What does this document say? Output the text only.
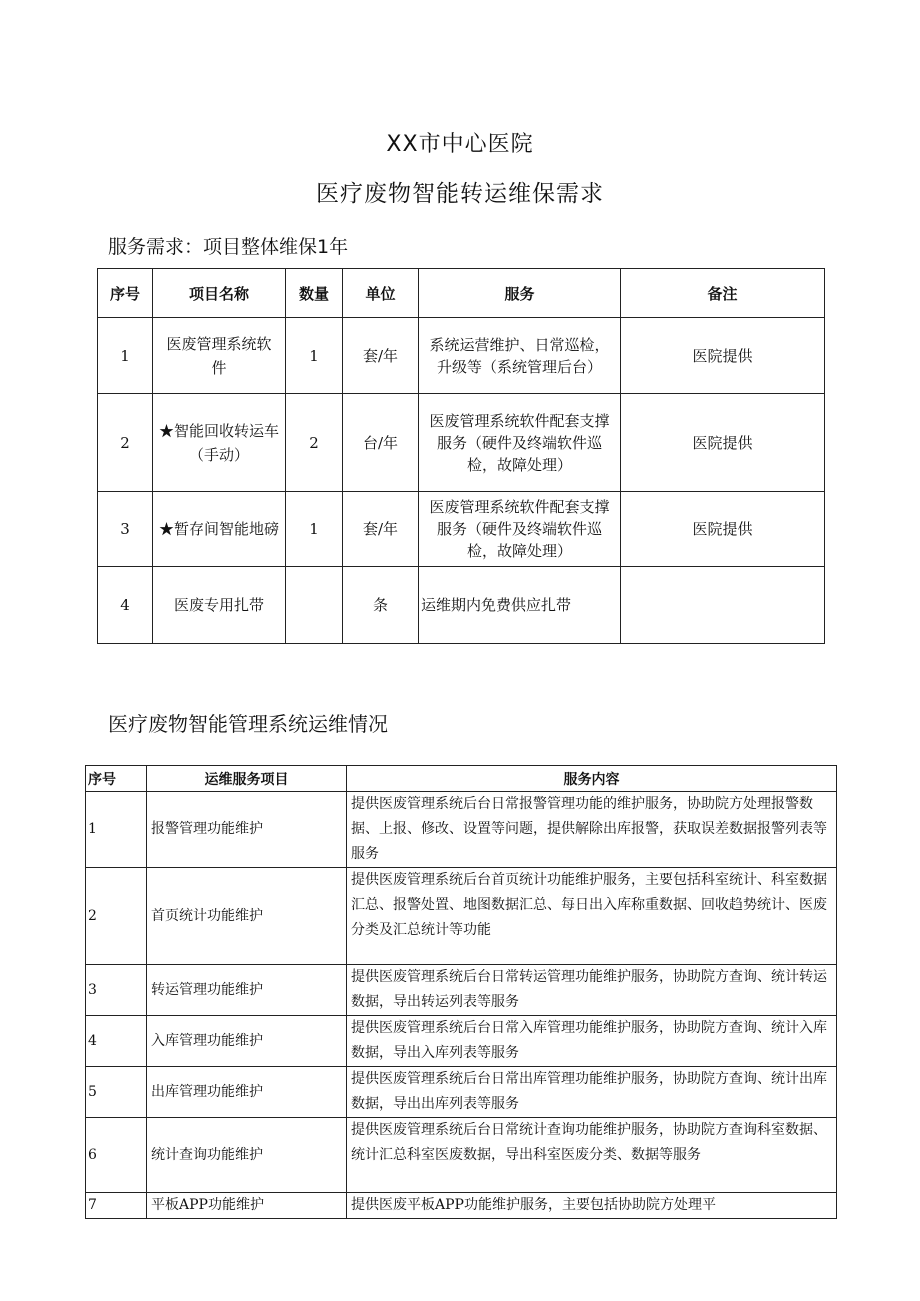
XX市中心医院
医疗废物智能转运维保需求
服务需求：项目整体维保1年
序号	项目名称	数量	单位	服务	备注
1	医废管理系统软件	1	套/年	系统运营维护、日常巡检，升级等（系统管理后台）	医院提供
2	★智能回收转运车（手动）	2	台/年	医废管理系统软件配套支撑服务（硬件及终端软件巡检，故障处理）	医院提供
3	★暂存间智能地磅	1	套/年	医废管理系统软件配套支撑服务（硬件及终端软件巡检，故障处理）	医院提供
4	医废专用扎带		条	运维期内免费供应扎带	
医疗废物智能管理系统运维情况
序号	运维服务项目	服务内容
1	报警管理功能维护	提供医废管理系统后台日常报警管理功能的维护服务，协助院方处理报警数据、上报、修改、设置等问题，提供解除出库报警，获取误差数据报警列表等服务
2	首页统计功能维护	提供医废管理系统后台首页统计功能维护服务，主要包括科室统计、科室数据汇总、报警处置、地图数据汇总、每日出入库称重数据、回收趋势统计、医废分类及汇总统计等功能
3	转运管理功能维护	提供医废管理系统后台日常转运管理功能维护服务，协助院方查询、统计转运数据，导出转运列表等服务
4	入库管理功能维护	提供医废管理系统后台日常入库管理功能维护服务，协助院方查询、统计入库数据，导出入库列表等服务
5	出库管理功能维护	提供医废管理系统后台日常出库管理功能维护服务，协助院方查询、统计出库数据，导出出库列表等服务
6	统计查询功能维护	提供医废管理系统后台日常统计查询功能维护服务，协助院方查询科室数据、统计汇总科室医废数据，导出科室医废分类、数据等服务
7	平板APP功能维护	提供医废平板APP功能维护服务，主要包括协助院方处理平
